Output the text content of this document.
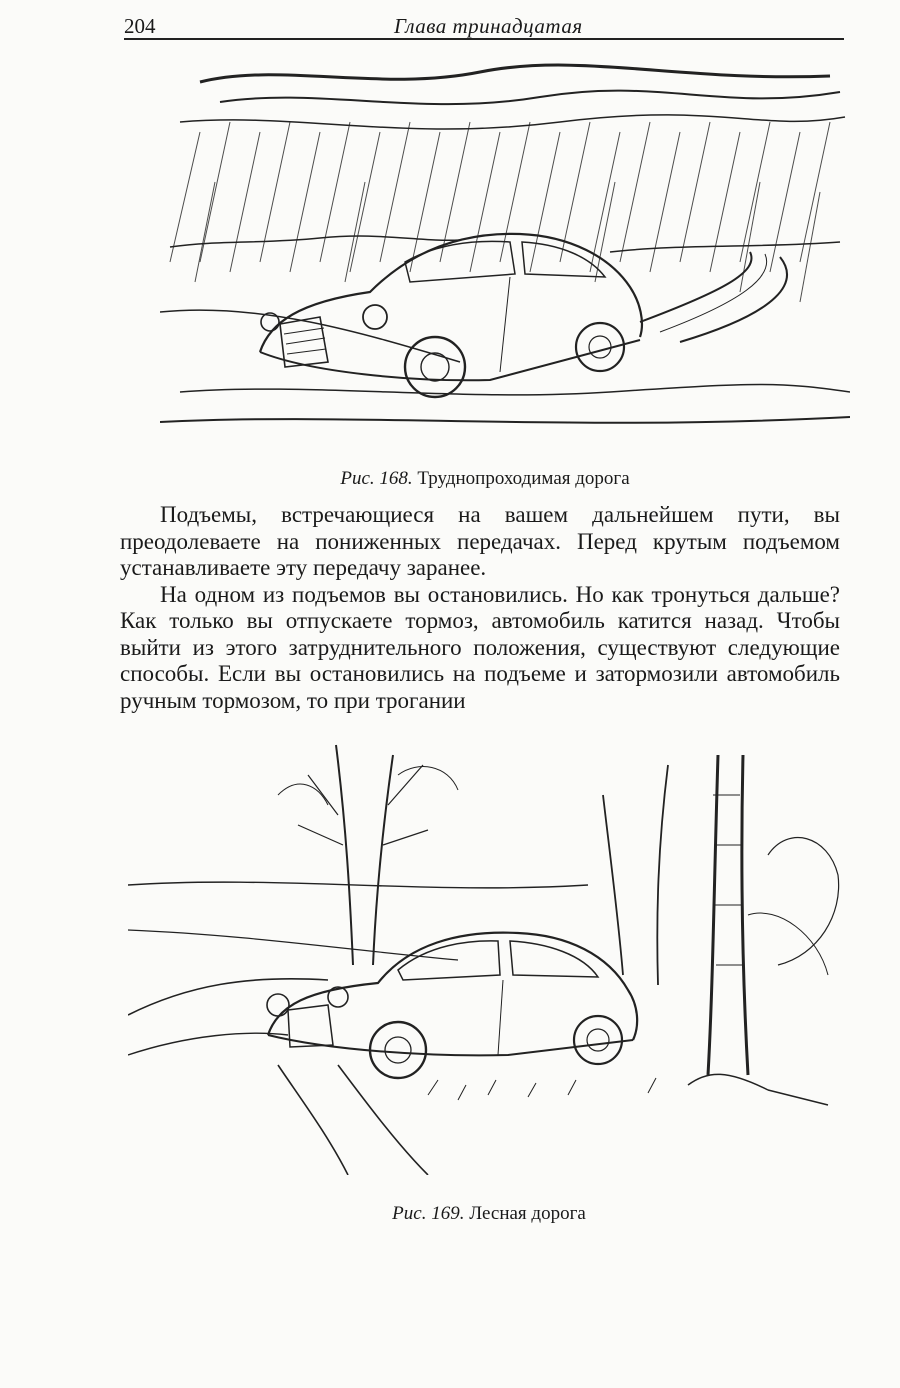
204	Глава тринадцатая
Рис. 168. Труднопроходимая дорога

Подъемы, встречающиеся на вашем дальнейшем пути, вы преодолеваете на пониженных передачах. Перед крутым подъемом устанавливаете эту передачу заранее.

На одном из подъемов вы остановились. Но как тронуться дальше? Как только вы отпускаете тормоз, автомобиль катится назад. Чтобы выйти из этого затруднительного положения, существуют следующие способы. Если вы остановились на подъеме и затормозили автомобиль ручным тормозом, то при трогании

Рис. 169. Лесная дорога
